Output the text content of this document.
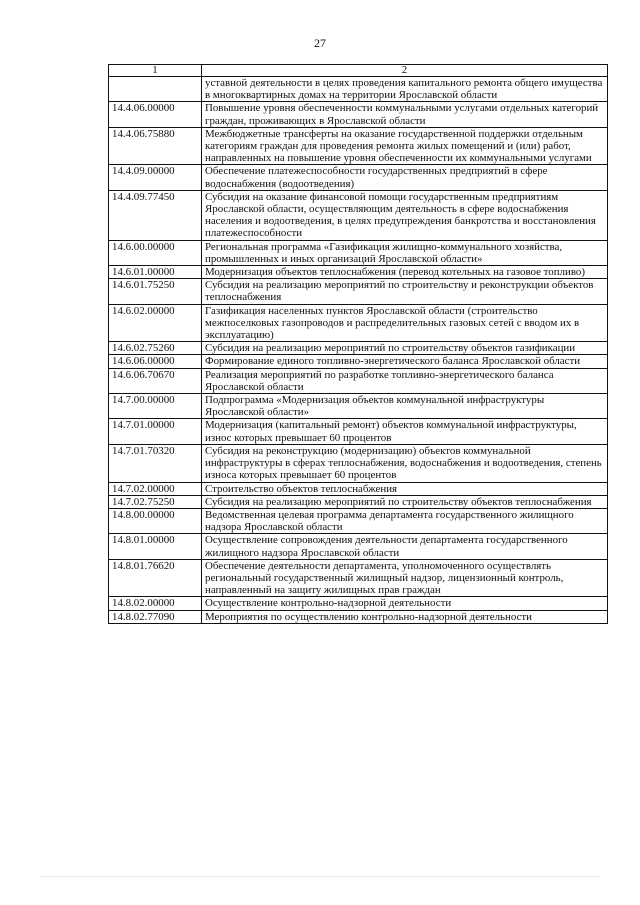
27
1	2
	уставной деятельности в целях проведения капитального ремонта общего имущества в многоквартирных домах на территории Ярославской области
14.4.06.00000	Повышение уровня обеспеченности коммунальными услугами отдельных категорий граждан, проживающих в Ярославской области
14.4.06.75880	Межбюджетные трансферты на оказание государственной поддержки отдельным категориям граждан для проведения ремонта жилых помещений и (или) работ, направленных на повышение уровня обеспеченности их коммунальными услугами
14.4.09.00000	Обеспечение платежеспособности государственных предприятий в сфере водоснабжения (водоотведения)
14.4.09.77450	Субсидия на оказание финансовой помощи государственным предприятиям Ярославской области, осуществляющим деятельность в сфере водоснабжения населения и водоотведения, в целях предупреждения банкротства и восстановления платежеспособности
14.6.00.00000	Региональная программа «Газификация жилищно-коммунального хозяйства, промышленных и иных организаций Ярославской области»
14.6.01.00000	Модернизация объектов теплоснабжения (перевод котельных на газовое топливо)
14.6.01.75250	Субсидия на реализацию мероприятий по строительству и реконструкции объектов теплоснабжения
14.6.02.00000	Газификация населенных пунктов Ярославской области (строительство межпоселковых газопроводов и распределительных газовых сетей с вводом их в эксплуатацию)
14.6.02.75260	Субсидия на реализацию мероприятий по строительству объектов газификации
14.6.06.00000	Формирование единого топливно-энергетического баланса Ярославской области
14.6.06.70670	Реализация мероприятий по разработке топливно-энергетического баланса Ярославской области
14.7.00.00000	Подпрограмма «Модернизация объектов коммунальной инфраструктуры Ярославской области»
14.7.01.00000	Модернизация (капитальный ремонт) объектов коммунальной инфраструктуры, износ которых превышает 60 процентов
14.7.01.70320	Субсидия на реконструкцию (модернизацию) объектов коммунальной инфраструктуры в сферах теплоснабжения, водоснабжения и водоотведения, степень износа которых превышает 60 процентов
14.7.02.00000	Строительство объектов теплоснабжения
14.7.02.75250	Субсидия на реализацию мероприятий по строительству объектов теплоснабжения
14.8.00.00000	Ведомственная целевая программа департамента государственного жилищного надзора Ярославской области
14.8.01.00000	Осуществление сопровождения деятельности департамента государственного жилищного надзора Ярославской области
14.8.01.76620	Обеспечение деятельности департамента, уполномоченного осуществлять региональный государственный жилищный надзор, лицензионный контроль, направленный на защиту жилищных прав граждан
14.8.02.00000	Осуществление контрольно-надзорной деятельности
14.8.02.77090	Мероприятия по осуществлению контрольно-надзорной деятельности
